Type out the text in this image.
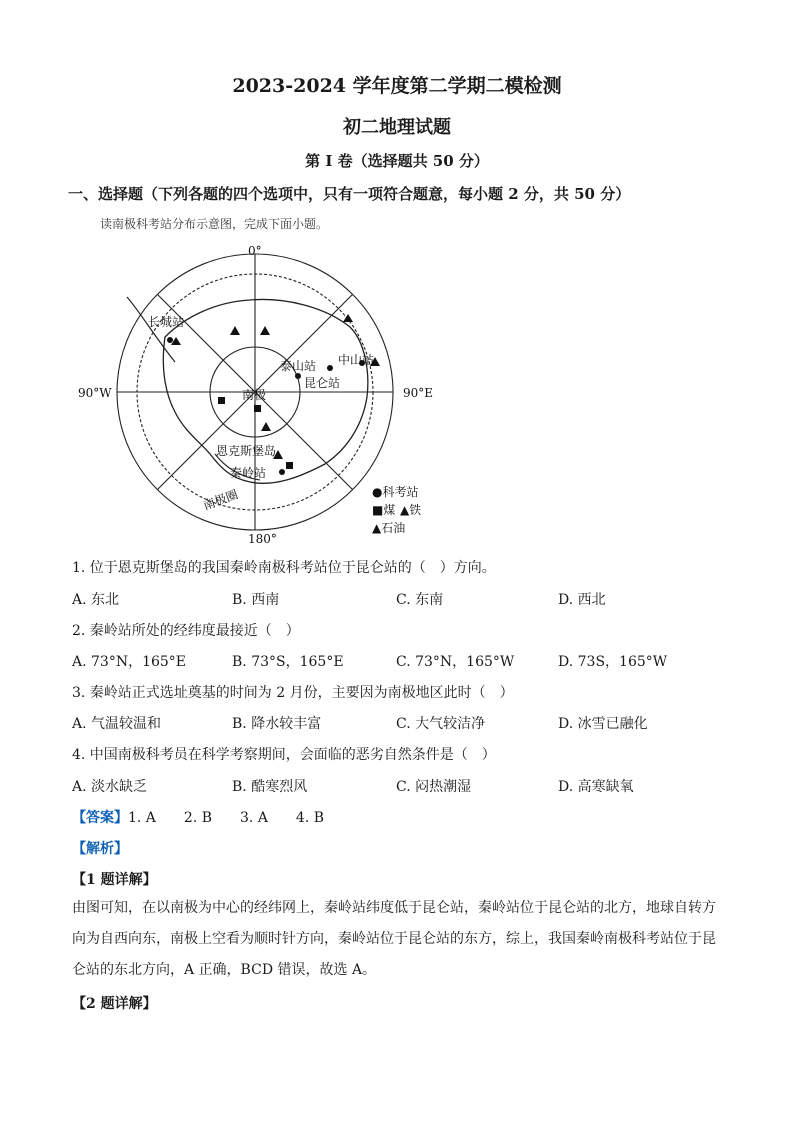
2023-2024 学年度第二学期二模检测
初二地理试题
第 I 卷（选择题共 50 分）
一、选择题（下列各题的四个选项中，只有一项符合题意，每小题 2 分，共 50 分）
读南极科考站分布示意图，完成下面小题。
0°
180°
90°W	90°E
南极
南极圈
长城站
中山站
泰山站
昆仑站
恩克斯堡岛
秦岭站
●科考站
■煤 ▲铁
▲石油
1. 位于恩克斯堡岛的我国秦岭南极科考站位于昆仑站的（　）方向。
A. 东北	B. 西南	C. 东南	D. 西北
2. 秦岭站所处的经纬度最接近（　）
A. 73°N，165°E	B. 73°S，165°E	C. 73°N，165°W	D. 73S，165°W
3. 秦岭站正式选址奠基的时间为 2 月份，主要因为南极地区此时（　）
A. 气温较温和	B. 降水较丰富	C. 大气较洁净	D. 冰雪已融化
4. 中国南极科考员在科学考察期间，会面临的恶劣自然条件是（　）
A. 淡水缺乏	B. 酷寒烈风	C. 闷热潮湿	D. 高寒缺氧
【答案】1. A　　2. B　　3. A　　4. B
【解析】
【1 题详解】
由图可知，在以南极为中心的经纬网上，秦岭站纬度低于昆仑站，秦岭站位于昆仑站的北方，地球自转方向为自西向东，南极上空看为顺时针方向，秦岭站位于昆仑站的东方，综上，我国秦岭南极科考站位于昆仑站的东北方向，A 正确，BCD 错误，故选 A。
【2 题详解】
